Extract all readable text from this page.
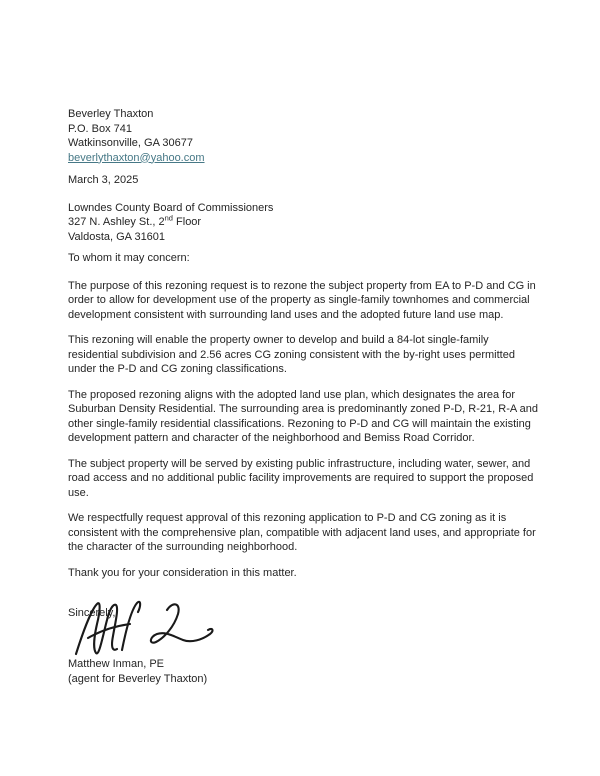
Beverley Thaxton
P.O. Box 741
Watkinsonville, GA 30677
beverlythaxton@yahoo.com
March 3, 2025
Lowndes County Board of Commissioners
327 N. Ashley St., 2nd Floor
Valdosta, GA 31601
To whom it may concern:

The purpose of this rezoning request is to rezone the subject property from EA to P-D and CG in order to allow for development use of the property as single-family townhomes and commercial development consistent with surrounding land uses and the adopted future land use map.

This rezoning will enable the property owner to develop and build a 84-lot single-family residential subdivision and 2.56 acres CG zoning consistent with the by-right uses permitted under the P-D and CG zoning classifications.

The proposed rezoning aligns with the adopted land use plan, which designates the area for Suburban Density Residential. The surrounding area is predominantly zoned P-D, R-21, R-A and other single-family residential classifications. Rezoning to P-D and CG will maintain the existing development pattern and character of the neighborhood and Bemiss Road Corridor.

The subject property will be served by existing public infrastructure, including water, sewer, and road access and no additional public facility improvements are required to support the proposed use.

We respectfully request approval of this rezoning application to P-D and CG zoning as it is consistent with the comprehensive plan, compatible with adjacent land uses, and appropriate for the character of the surrounding neighborhood.

Thank you for your consideration in this matter.

Sincerely,
Matthew Inman, PE
(agent for Beverley Thaxton)
